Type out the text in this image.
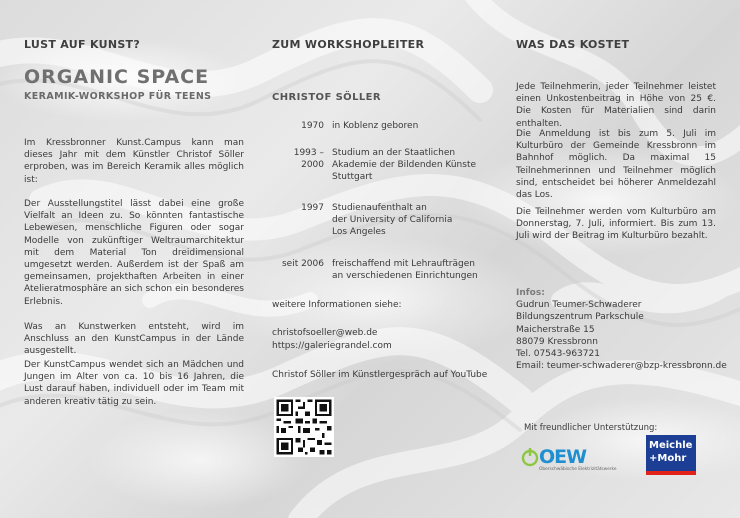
LUST AUF KUNST?
ORGANIC SPACE
KERAMIK-WORKSHOP FÜR TEENS

Im Kressbronner Kunst.Campus kann man dieses Jahr mit dem Künstler Christof Söller erproben, was im Bereich Keramik alles möglich ist:

Der Ausstellungstitel lässt dabei eine große Vielfalt an Ideen zu. So könnten fantastische Lebewesen, menschliche Figuren oder sogar Modelle von zukünftiger Weltraumarchitektur mit dem Material Ton dreidimensional umgesetzt werden. Außerdem ist der Spaß am gemeinsamen, projekthaften Arbeiten in einer Atelieratmosphäre an sich schon ein besonderes Erlebnis.

Was an Kunstwerken entsteht, wird im Anschluss an den KunstCampus in der Lände ausgestellt.

Der KunstCampus wendet sich an Mädchen und Jungen im Alter von ca. 10 bis 16 Jahren, die Lust darauf haben, individuell oder im Team mit anderen kreativ tätig zu sein.

ZUM WORKSHOPLEITER
CHRISTOF SÖLLER
1970 in Koblenz geboren
1993 – 2000
Studium an der Staatlichen
Akademie der Bildenden Künste
Stuttgart
1997 Studienaufenthalt an
der University of California
Los Angeles
seit 2006 freischaffend mit Lehraufträgen
an verschiedenen Einrichtungen

weitere Informationen siehe:

christofsoeller@web.de
https://galeriegrandel.com

Christof Söller im Künstlergespräch auf YouTube

WAS DAS KOSTET

Jede Teilnehmerin, jeder Teilnehmer leistet einen Unkostenbeitrag in Höhe von 25 €. Die Kosten für Materialien sind darin enthalten.

Die Anmeldung ist bis zum 5. Juli im Kulturbüro der Gemeinde Kressbronn im Bahnhof möglich. Da maximal 15 Teilnehmerinnen und Teilnehmer möglich sind, entscheidet bei höherer Anmeldezahl das Los.

Die Teilnehmer werden vom Kulturbüro am Donnerstag, 7. Juli, informiert. Bis zum 13. Juli wird der Beitrag im Kulturbüro bezahlt.

Infos:
Gudrun Teumer-Schwaderer
Bildungszentrum Parkschule
Maicherstraße 15
88079 Kressbronn
Tel. 07543-963721
Email: teumer-schwaderer@bzp-kressbronn.de
Mit freundlicher Unterstützung:
OEW
Oberschwäbische Elektrizitätswerke
Meichle
+Mohr
